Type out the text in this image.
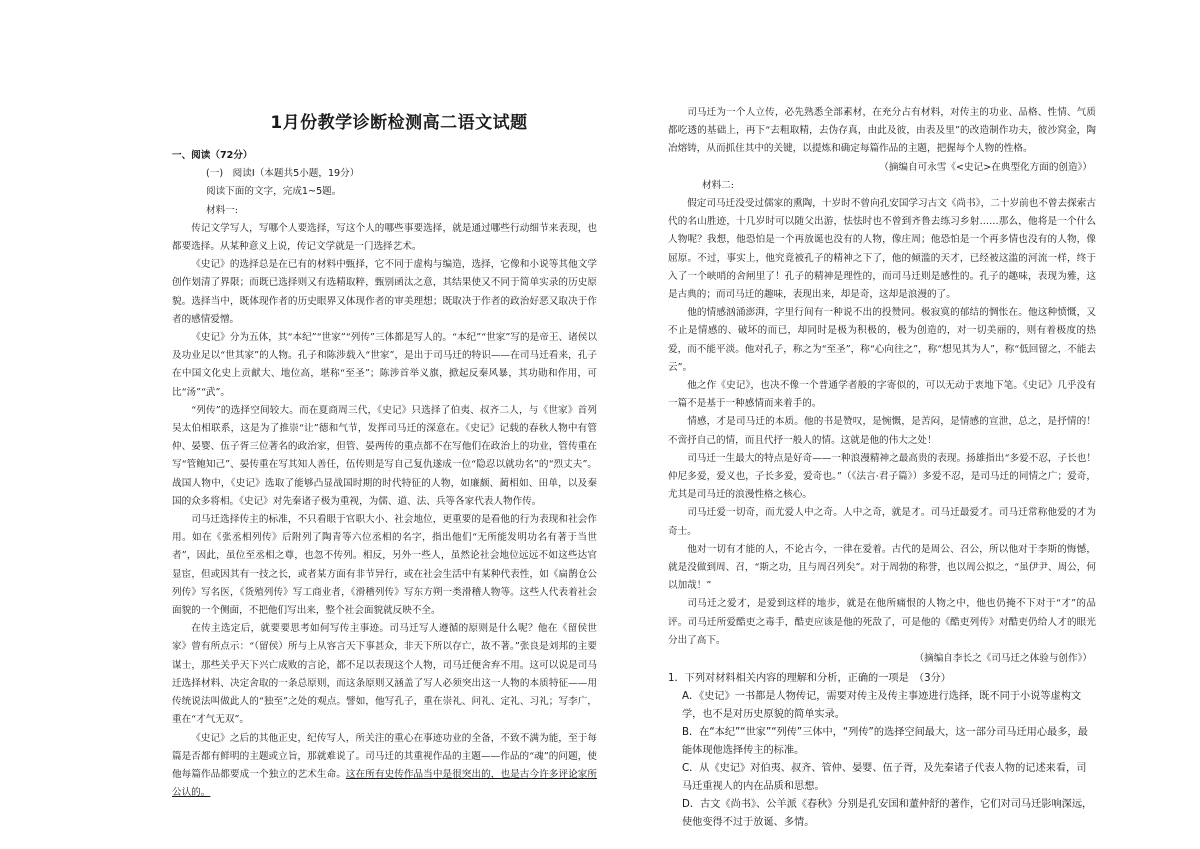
1月份教学诊断检测高二语文试题
一、阅读（72分）
(一)　阅读Ⅰ（本题共5小题，19分）
阅读下面的文字，完成1~5题。
材料一:

传记文学写人，写哪个人要选择，写这个人的哪些事要选择，就是通过哪些行动细节来表现，也都要选择。从某种意义上说，传记文学就是一门选择艺术。

《史记》的选择总是在已有的材料中甄择，它不同于虚构与编造，选择，它像和小说等其他文学创作划清了界限；而既已选择则又有选精取粹，甄别函汰之意，其结果使又不同于简单实录的历史原貌。选择当中，既体现作者的历史眼界又体现作者的审美理想；既取决于作者的政治好恶又取决于作者的感情爱憎。

《史记》分为五体，其“本纪”“世家”“列传”三体都是写人的。“本纪”“世家”写的是帝王、诸侯以及功业足以“世其家”的人物。孔子和陈涉载入“世家”，是出于司马迁的特识——在司马迁看来，孔子在中国文化史上贡献大、地位高，堪称“至圣”；陈涉首举义旗，掀起反秦风暴，其功勋和作用，可比“汤”“武”。

“列传”的选择空间较大。而在夏商周三代，《史记》只选择了伯夷、叔齐二人，与《世家》首列吴太伯相联系，这是为了推崇“让”德和气节，发挥司马迁的深意在。《史记》记载的春秋人物中有管仲、晏婴、伍子胥三位著名的政治家，但管、晏两传的重点都不在写他们在政治上的功业，管传重在写“管鲍知己”、晏传重在写其知人善任，伍传则是写自己复仇遂成一位“隐忍以就功名”的“烈丈夫”。战国人物中，《史记》选取了能够凸显战国时期的时代特征的人物，如廉颇、蔺相如、田单，以及秦国的众多将相。《史记》对先秦诸子极为重视，为儒、道、法、兵等各家代表人物作传。

司马迁选择传主的标准，不只看眼于官职大小、社会地位，更重要的是看他的行为表现和社会作用。如在《张丞相列传》后附列了陶青等六位丞相的名字，指出他们“无所能发明功名有著于当世者”，因此，虽位至丞相之尊，也忽不传列。相反，另外一些人，虽然论社会地位远远不如这些达官显宦，但或因其有一技之长，或者某方面有非节异行，或在社会生活中有某种代表性，如《扁鹊仓公列传》写名医，《货殖列传》写工商业者，《滑稽列传》写东方朔一类滑稽人物等。这些人代表着社会面貌的一个侧面，不把他们写出来，整个社会面貌就反映不全。

在传主选定后，就要要思考如何写传主事迹。司马迁写人遵循的原则是什么呢？他在《留侯世家》曾有所点示：“（留侯）所与上从容言天下事甚众，非天下所以存亡，故不著。”张良是刘邦的主要谋士，那些关乎天下兴亡成败的言论，都不足以表现这个人物，司马迁便舍弃不用。这可以说是司马迁选择材料、决定舍取的一条总原则，而这条原则又涵盖了写人必须突出这一人物的本质特征——用传统说法叫做此人的“独至”之处的观点。譬如，他写孔子，重在崇礼、问礼、定礼、习礼；写李广，重在“才气无双”。

《史记》之后的其他正史，纪传写人，所关注的重心在事迹功业的全备，不致不满为能，至于每篇是否都有鲜明的主题或立旨，那就难说了。司马迁的其重视作品的主题——作品的“魂”的问题，使他每篇作品都要成一个独立的艺术生命。这在所有史传作品当中是很突出的，也是古今许多评论家所公认的。

司马迁为一个人立传，必先熟悉全部素材，在充分占有材料，对传主的功业、品格、性情、气质都吃透的基础上，再下“去粗取精，去伪存真，由此及彼，由表及里”的改造制作功夫，彼沙窝金，陶冶熔铸，从而抓住其中的关键，以提炼和确定每篇作品的主题，把握每个人物的性格。

（摘编自可永雪《<史记>在典型化方面的创造》）
材料二:

假定司马迁没受过儒家的熏陶，十岁时不曾向孔安国学习古文《尚书》，二十岁前也不曾去探索古代的名山胜迹，十几岁时可以随父出游，怯怯时也不曾到齐鲁去练习乡射……那么，他将是一个什么人物呢？我想，他恐怕是一个再放诞也没有的人物，像庄周；他恐怕是一个再多情也没有的人物，像屈原。不过，事实上，他究竟被孔子的精神之下了，他的倾滥的天才，已经被这滥的河流一样，终于入了一个峡哨的舍闸里了！孔子的精神是理性的，而司马迁则是感性的。孔子的趣味，表现为雅，这是古典的；而司马迁的趣味，表现出来，却是奇，这却是浪漫的了。

他的情感汹涌澎湃，字里行间有一种说不出的投赞同。极寂寞的郁结的惆怅在。他这种愤慨，又不止是情感的、破坏的而已，却同时是极为积极的，极为创造的，对一切美丽的，则有着极度的热爱，而不能平淡。他对孔子，称之为“至圣”，称“心向往之”，称“想见其为人”，称“低回留之，不能去云”。

他之作《史记》，也决不像一个普通学者般的字寄似的，可以无动于衷地下笔。《史记》几乎没有一篇不是基于一种感情而来着手的。

情感，才是司马迁的本质。他的书是赞叹，是惋慨，是苦闷，是情感的宣泄，总之，是抒情的！不啻抒自己的情，而且代抒一般人的情。这就是他的伟大之处！

司马迁一生最大的特点是好奇——一种浪漫精神之最高贵的表现。扬雄指出“多爱不忍，子长也！仲尼多爱，爱义也，子长多爱，爱奇也。”（《法言·君子篇》）多爱不忍，是司马迁的同情之广；爱奇，尤其是司马迁的浪漫性格之核心。

司马迁爱一切奇，而尤爱人中之奇。人中之奇，就是才。司马迁最爱才。司马迁常称他爱的才为奇士。

他对一切有才能的人，不论古今，一律在爱着。古代的是周公、召公，所以他对于李斯的悔憾，就是没做到周、召，“斯之功，且与周召列矣”。对于周勃的称誉，也以周公拟之，“虽伊尹、周公，何以加哉！”

司马迁之爱才，是爱到这样的地步，就是在他所痛恨的人物之中，他也仍掩不下对于“才”的品评。司马迁所爱酷吏之毒手，酷吏应该是他的死敌了，可是他的《酷吏列传》对酷吏仍给人才的眼光分出了高下。

（摘编自李长之《司马迁之体验与创作》）
1．下列对材料相关内容的理解和分析，正确的一项是　（3分）
A．《史记》一书都是人物传记，需要对传主及传主事迹进行选择，既不同于小说等虚构文学，也不是对历史原貌的简单实录。
B．在“本纪”“世家”“列传”三体中，“列传”的选择空间最大，这一部分司马迁用心最多，最能体现他选择传主的标准。
C．从《史记》对伯夷、叔齐、管仲、晏婴、伍子胥，及先秦诸子代表人物的记述来看，司马迁重视人的内在品质和思想。
D．古文《尚书》、公羊派《春秋》分别是孔安国和董仲舒的著作，它们对司马迁影响深远，使他变得不过于放诞、多情。
